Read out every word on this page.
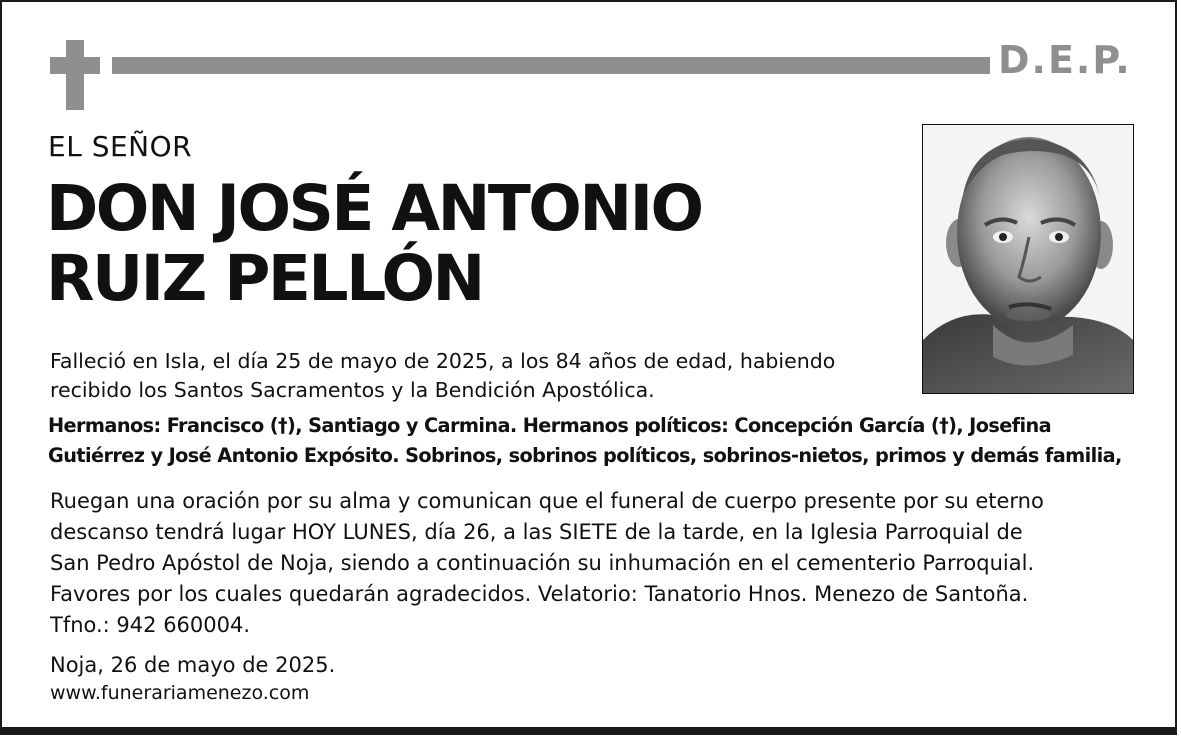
D.E.P.
EL SEÑOR
DON JOSÉ ANTONIO
RUIZ PELLÓN
Falleció en Isla, el día 25 de mayo de 2025, a los 84 años de edad, habiendo
recibido los Santos Sacramentos y la Bendición Apostólica.
Hermanos: Francisco (†), Santiago y Carmina. Hermanos políticos: Concepción García (†), Josefina
Gutiérrez y José Antonio Expósito. Sobrinos, sobrinos políticos, sobrinos-nietos, primos y demás familia,
Ruegan una oración por su alma y comunican que el funeral de cuerpo presente por su eterno
descanso tendrá lugar HOY LUNES, día 26, a las SIETE de la tarde, en la Iglesia Parroquial de
San Pedro Apóstol de Noja, siendo a continuación su inhumación en el cementerio Parroquial.
Favores por los cuales quedarán agradecidos. Velatorio: Tanatorio Hnos. Menezo de Santoña.
Tfno.: 942 660004.
Noja, 26 de mayo de 2025.
www.funerariamenezo.com
